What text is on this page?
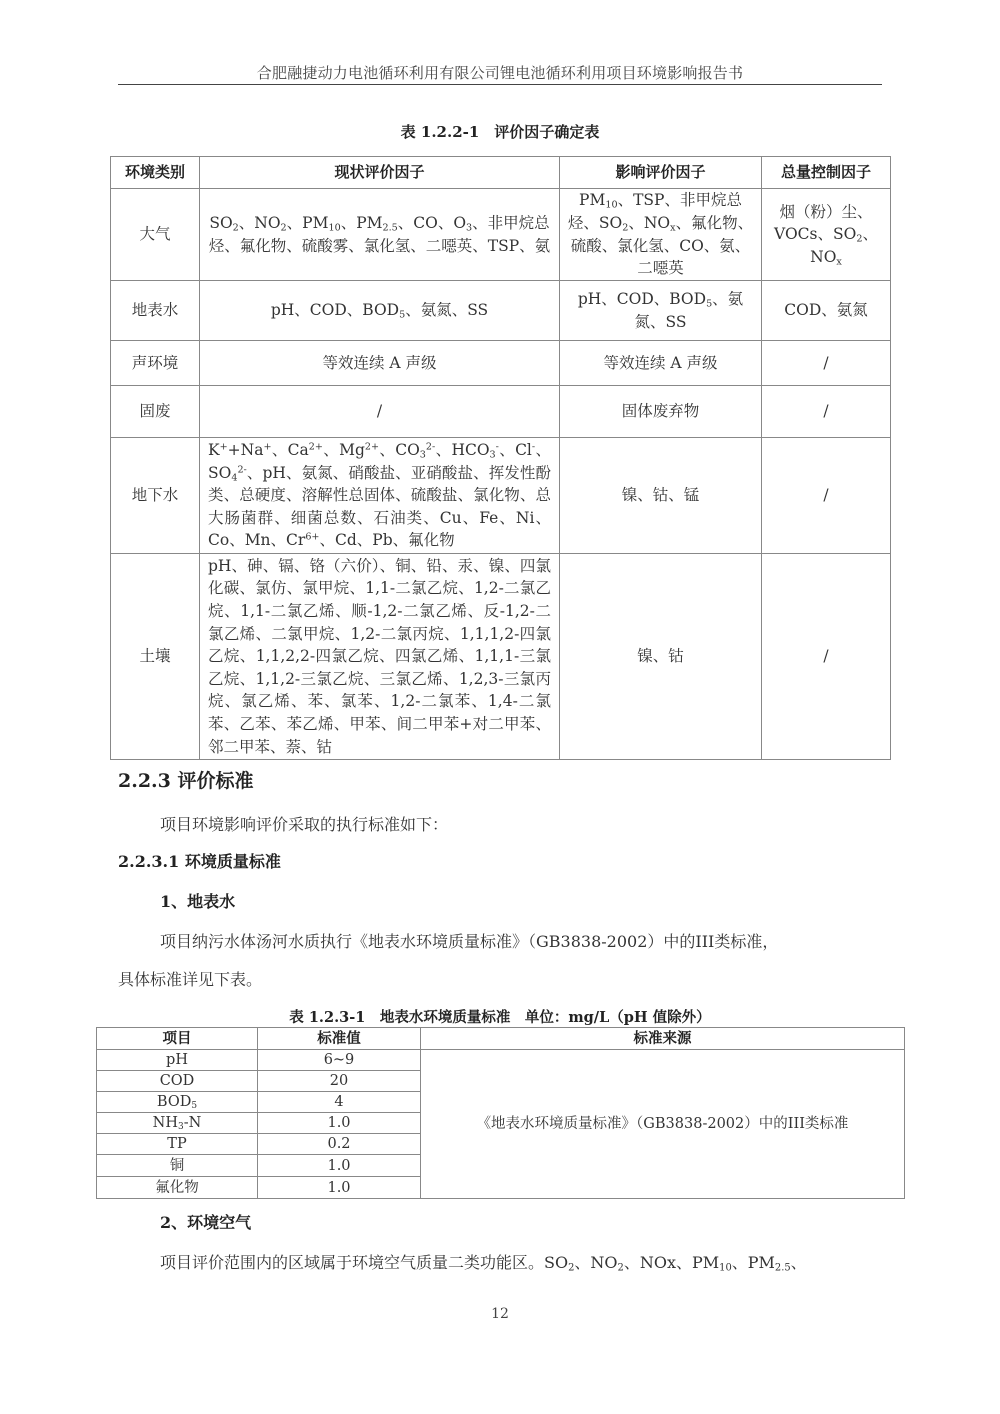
合肥融捷动力电池循环利用有限公司锂电池循环利用项目环境影响报告书
表 1.2.2-1　评价因子确定表
环境类别	现状评价因子	影响评价因子	总量控制因子
大气	$SO_2$、$NO_2$、$PM_{10}$、$PM_{2.5}$、CO、$O_3$、非甲烷总烃、氟化物、硫酸雾、氯化氢、二噁英、TSP、氨	$PM_{10}$、TSP、非甲烷总烃、$SO_2$、$NO_x$、氟化物、硫酸、氯化氢、CO、氨、二噁英	烟（粉）尘、VOCs、$SO_2$、$NO_x$
地表水	pH、COD、$BOD_5$、氨氮、SS	pH、COD、$BOD_5$、氨氮、SS	COD、氨氮
声环境	等效连续 A 声级	等效连续 A 声级	/
固废	/	固体废弃物	/
地下水	K++Na+、$Ca^{2+}$、$Mg^{2+}$、$CO_3^{2-}$、$HCO_3^-$、Cl-、$SO_4^{2-}$、pH、氨氮、硝酸盐、亚硝酸盐、挥发性酚类、总硬度、溶解性总固体、硫酸盐、氯化物、总大肠菌群、细菌总数、石油类、Cu、Fe、Ni、Co、Mn、$Cr^{6+}$、Cd、Pb、氟化物	镍、钴、锰	/
土壤	pH、砷、镉、铬（六价）、铜、铅、汞、镍、四氯化碳、氯仿、氯甲烷、1,1-二氯乙烷、1,2-二氯乙烷、1,1-二氯乙烯、顺-1,2-二氯乙烯、反-1,2-二氯乙烯、二氯甲烷、1,2-二氯丙烷、1,1,1,2-四氯乙烷、1,1,2,2-四氯乙烷、四氯乙烯、1,1,1-三氯乙烷、1,1,2-三氯乙烷、三氯乙烯、1,2,3-三氯丙烷、氯乙烯、苯、氯苯、1,2-二氯苯、1,4-二氯苯、乙苯、苯乙烯、甲苯、间二甲苯+对二甲苯、邻二甲苯、萘、钴	镍、钴	/
2.2.3 评价标准
项目环境影响评价采取的执行标准如下：
2.2.3.1 环境质量标准
1、地表水
项目纳污水体汤河水质执行《地表水环境质量标准》（GB3838-2002）中的III类标准，
具体标准详见下表。
表 1.2.3-1　地表水环境质量标准　单位：mg/L（pH 值除外）
项目	标准值	标准来源
pH	6~9	《地表水环境质量标准》（GB3838-2002）中的III类标准
COD	20	
$BOD_5$	4	
$NH_3-N$	1.0	
TP	0.2	
铜	1.0	
氟化物	1.0	
2、环境空气
项目评价范围内的区域属于环境空气质量二类功能区。$SO_2$、$NO_2$、NOx、$PM_{10}$、$PM_{2.5}$、
12
